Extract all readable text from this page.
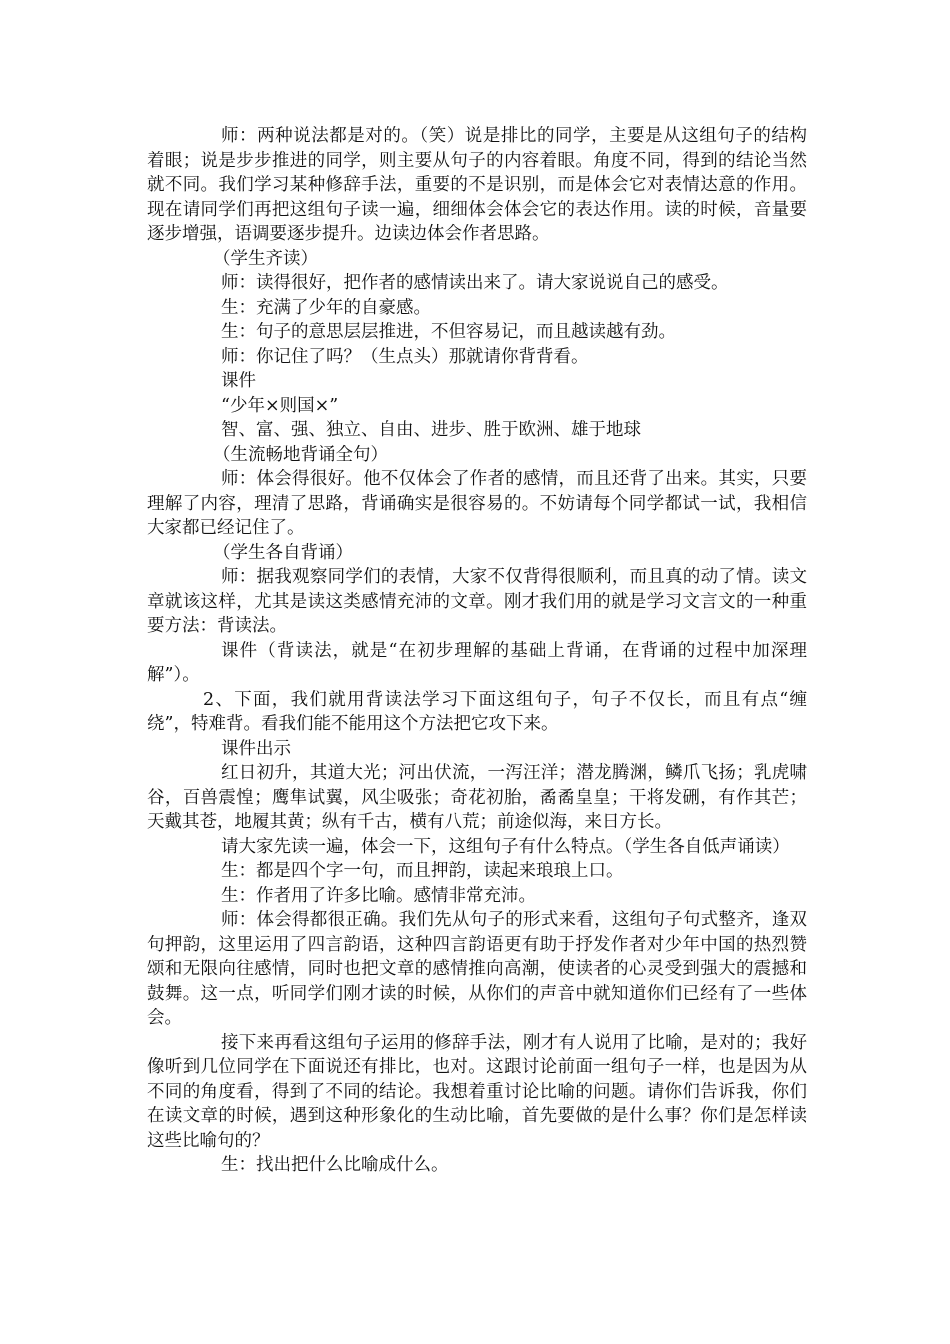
师：两种说法都是对的。（笑）说是排比的同学，主要是从这组句子的结构着眼；说是步步推进的同学，则主要从句子的内容着眼。角度不同，得到的结论当然就不同。我们学习某种修辞手法，重要的不是识别，而是体会它对表情达意的作用。现在请同学们再把这组句子读一遍，细细体会体会它的表达作用。读的时候，音量要逐步增强，语调要逐步提升。边读边体会作者思路。

（学生齐读）

师：读得很好，把作者的感情读出来了。请大家说说自己的感受。

生：充满了少年的自豪感。

生：句子的意思层层推进，不但容易记，而且越读越有劲。

师：你记住了吗？（生点头）那就请你背背看。

课件

“少年×则国×”

智、富、强、独立、自由、进步、胜于欧洲、雄于地球

（生流畅地背诵全句）

师：体会得很好。他不仅体会了作者的感情，而且还背了出来。其实，只要理解了内容，理清了思路，背诵确实是很容易的。不妨请每个同学都试一试，我相信大家都已经记住了。

（学生各自背诵）

师：据我观察同学们的表情，大家不仅背得很顺利，而且真的动了情。读文章就该这样，尤其是读这类感情充沛的文章。刚才我们用的就是学习文言文的一种重要方法：背读法。

课件（背读法，就是“在初步理解的基础上背诵，在背诵的过程中加深理解”）。

2、下面，我们就用背读法学习下面这组句子，句子不仅长，而且有点“缠绕”，特难背。看我们能不能用这个方法把它攻下来。

课件出示

红日初升，其道大光；河出伏流，一泻汪洋；潜龙腾渊，鳞爪飞扬；乳虎啸谷，百兽震惶；鹰隼试翼，风尘吸张；奇花初胎，矞矞皇皇；干将发硎，有作其芒；天戴其苍，地履其黄；纵有千古，横有八荒；前途似海，来日方长。

请大家先读一遍，体会一下，这组句子有什么特点。（学生各自低声诵读）

生：都是四个字一句，而且押韵，读起来琅琅上口。

生：作者用了许多比喻。感情非常充沛。

师：体会得都很正确。我们先从句子的形式来看，这组句子句式整齐，逢双句押韵，这里运用了四言韵语，这种四言韵语更有助于抒发作者对少年中国的热烈赞颂和无限向往感情，同时也把文章的感情推向高潮，使读者的心灵受到强大的震撼和鼓舞。这一点，听同学们刚才读的时候，从你们的声音中就知道你们已经有了一些体会。

接下来再看这组句子运用的修辞手法，刚才有人说用了比喻，是对的；我好像听到几位同学在下面说还有排比，也对。这跟讨论前面一组句子一样，也是因为从不同的角度看，得到了不同的结论。我想着重讨论比喻的问题。请你们告诉我，你们在读文章的时候，遇到这种形象化的生动比喻，首先要做的是什么事？你们是怎样读这些比喻句的？

生：找出把什么比喻成什么。
